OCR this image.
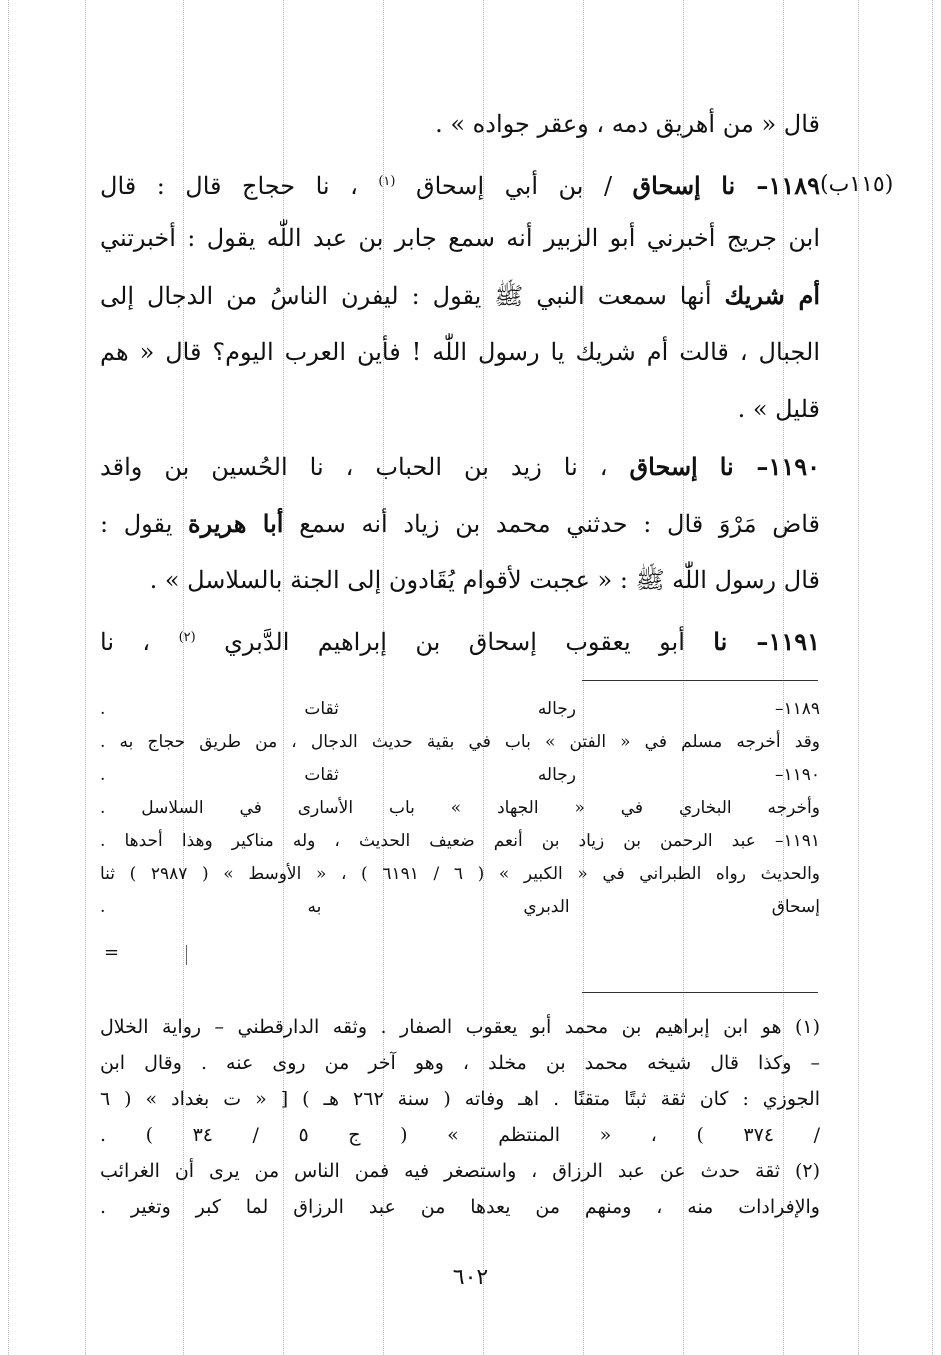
قال « من أهريق دمه ، وعقر جواده » .
١١٨٩– نا إسحاق / بن أبي إسحاق $^{(١)}$ ، نا حجاج قال : قال
ابن جريج أخبرني أبو الزبير أنه سمع جابر بن عبد اللّٰه يقول : أخبرتني
أم شريك أنها سمعت النبي ﷺ يقول : ليفرن الناسُ من الدجال إلى
الجبال ، قالت أم شريك يا رسول اللّٰه ! فأين العرب اليوم؟ قال « هم
قليل » .
١١٩٠– نا إسحاق ، نا زيد بن الحباب ، نا الحُسين بن واقد
قاض مَرْوَ قال : حدثني محمد بن زياد أنه سمع أبا هريرة يقول :
قال رسول اللّٰه ﷺ : « عجبت لأقوام يُقَادون إلى الجنة بالسلاسل » .
١١٩١– نا أبو يعقوب إسحاق بن إبراهيم الدَّبري $^{(٢)}$ ، نا
(١١٥ب)
١١٨٩– رجاله ثقات .
وقد أخرجه مسلم في « الفتن » باب في بقية حديث الدجال ، من طريق حجاج به .
١١٩٠– رجاله ثقات .
وأخرجه البخاري في « الجهاد » باب الأسارى في السلاسل .
١١٩١– عبد الرحمن بن زياد بن أنعم ضعيف الحديث ، وله مناكير وهذا أحدها .
والحديث رواه الطبراني في « الكبير » ( ٦ / ٦١٩١ ) ، « الأوسط » ( ٢٩٨٧ ) ثنا
إسحاق الدبري به .
=
(١) هو ابن إبراهيم بن محمد أبو يعقوب الصفار . وثقه الدارقطني – رواية الخلال
– وكذا قال شيخه محمد بن مخلد ، وهو آخر من روى عنه . وقال ابن
الجوزي : كان ثقة ثبتًا متقنًا . اهـ وفاته ( سنة ٢٦٢ هـ ) [ « ت بغداد » ( ٦
/ ٣٧٤ ) ، « المنتظم » ( ج ٥ / ٣٤ ) .
(٢) ثقة حدث عن عبد الرزاق ، واستصغر فيه فمن الناس من يرى أن الغرائب
والإفرادات منه ، ومنهم من يعدها من عبد الرزاق لما كبر وتغير .
٦٠٢
